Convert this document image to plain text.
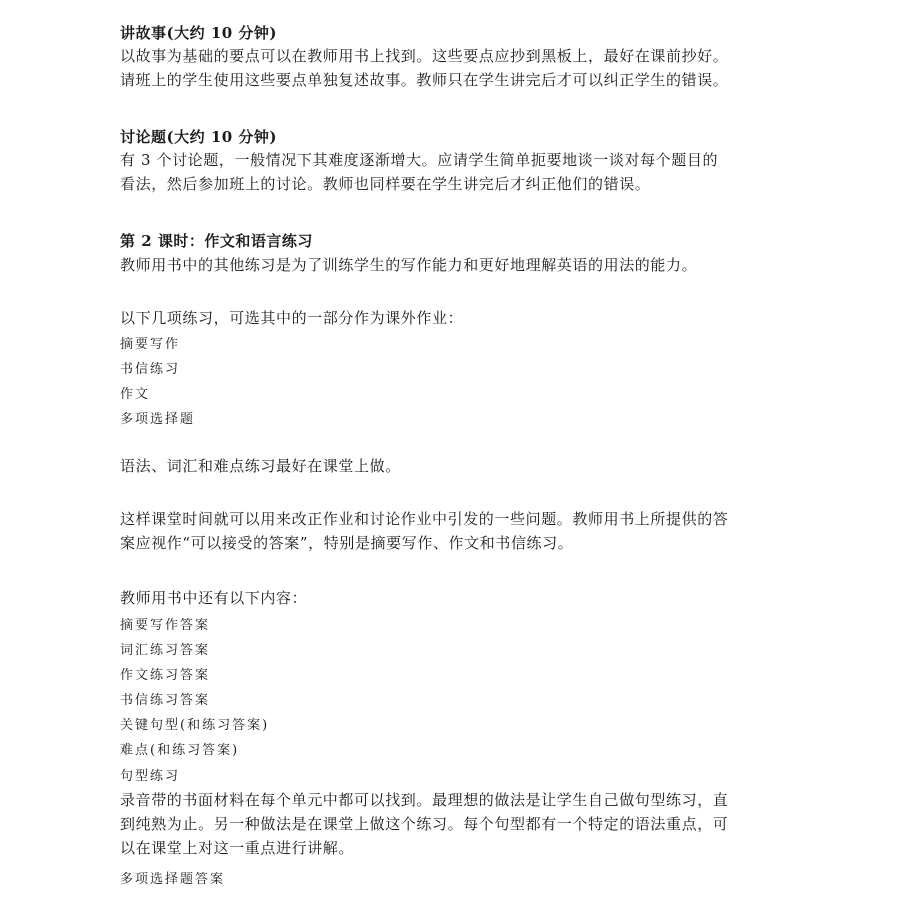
讲故事(大约 10 分钟)
以故事为基础的要点可以在教师用书上找到。这些要点应抄到黑板上，最好在课前抄好。
请班上的学生使用这些要点单独复述故事。教师只在学生讲完后才可以纠正学生的错误。
讨论题(大约 10 分钟)
有 3 个讨论题，一般情况下其难度逐渐增大。应请学生简单扼要地谈一谈对每个题目的
看法，然后参加班上的讨论。教师也同样要在学生讲完后才纠正他们的错误。
第 2 课时：作文和语言练习
教师用书中的其他练习是为了训练学生的写作能力和更好地理解英语的用法的能力。
以下几项练习，可选其中的一部分作为课外作业：
摘要写作
书信练习
作文
多项选择题
语法、词汇和难点练习最好在课堂上做。
这样课堂时间就可以用来改正作业和讨论作业中引发的一些问题。教师用书上所提供的答
案应视作“可以接受的答案”，特别是摘要写作、作文和书信练习。
教师用书中还有以下内容：
摘要写作答案
词汇练习答案
作文练习答案
书信练习答案
关键句型(和练习答案)
难点(和练习答案)
句型练习
录音带的书面材料在每个单元中都可以找到。最理想的做法是让学生自己做句型练习，直
到纯熟为止。另一种做法是在课堂上做这个练习。每个句型都有一个特定的语法重点，可
以在课堂上对这一重点进行讲解。
多项选择题答案
